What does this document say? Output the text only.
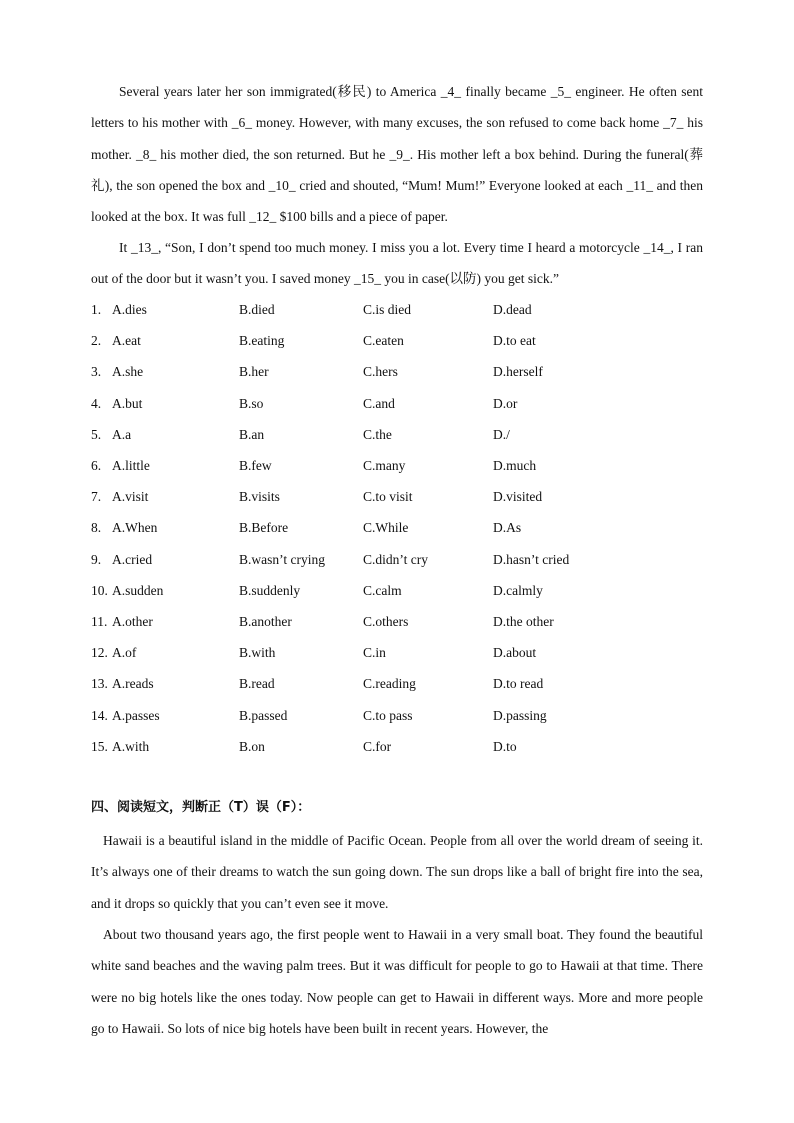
Several years later her son immigrated(移民) to America _4_ finally became _5_ engineer. He often sent letters to his mother with _6_ money. However, with many excuses, the son refused to come back home _7_ his mother. _8_ his mother died, the son returned. But he _9_. His mother left a box behind. During the funeral(葬礼), the son opened the box and _10_ cried and shouted, “Mum! Mum!” Everyone looked at each _11_ and then looked at the box. It was full _12_ $100 bills and a piece of paper.

It _13_, “Son, I don’t spend too much money. I miss you a lot. Every time I heard a motorcycle _14_, I ran out of the door but it wasn’t you. I saved money _15_ you in case(以防) you get sick.”

1. A.dies	B.died	C.is died	D.dead
2. A.eat	B.eating	C.eaten	D.to eat
3. A.she	B.her	C.hers	D.herself
4. A.but	B.so	C.and	D.or
5. A.a	B.an	C.the	D./
6. A.little	B.few	C.many	D.much
7. A.visit	B.visits	C.to visit	D.visited
8. A.When	B.Before	C.While	D.As
9. A.cried	B.wasn’t crying	C.didn’t cry	D.hasn’t cried
10. A.sudden	B.suddenly	C.calm	D.calmly
11. A.other	B.another	C.others	D.the other
12. A.of	B.with	C.in	D.about
13. A.reads	B.read	C.reading	D.to read
14. A.passes	B.passed	C.to pass	D.passing
15. A.with	B.on	C.for	D.to

四、阅读短文，判断正（T）误（F）：

Hawaii is a beautiful island in the middle of Pacific Ocean. People from all over the world dream of seeing it. It’s always one of their dreams to watch the sun going down. The sun drops like a ball of bright fire into the sea, and it drops so quickly that you can’t even see it move.

About two thousand years ago, the first people went to Hawaii in a very small boat. They found the beautiful white sand beaches and the waving palm trees. But it was difficult for people to go to Hawaii at that time. There were no big hotels like the ones today. Now people can get to Hawaii in different ways. More and more people go to Hawaii. So lots of nice big hotels have been built in recent years. However, the
